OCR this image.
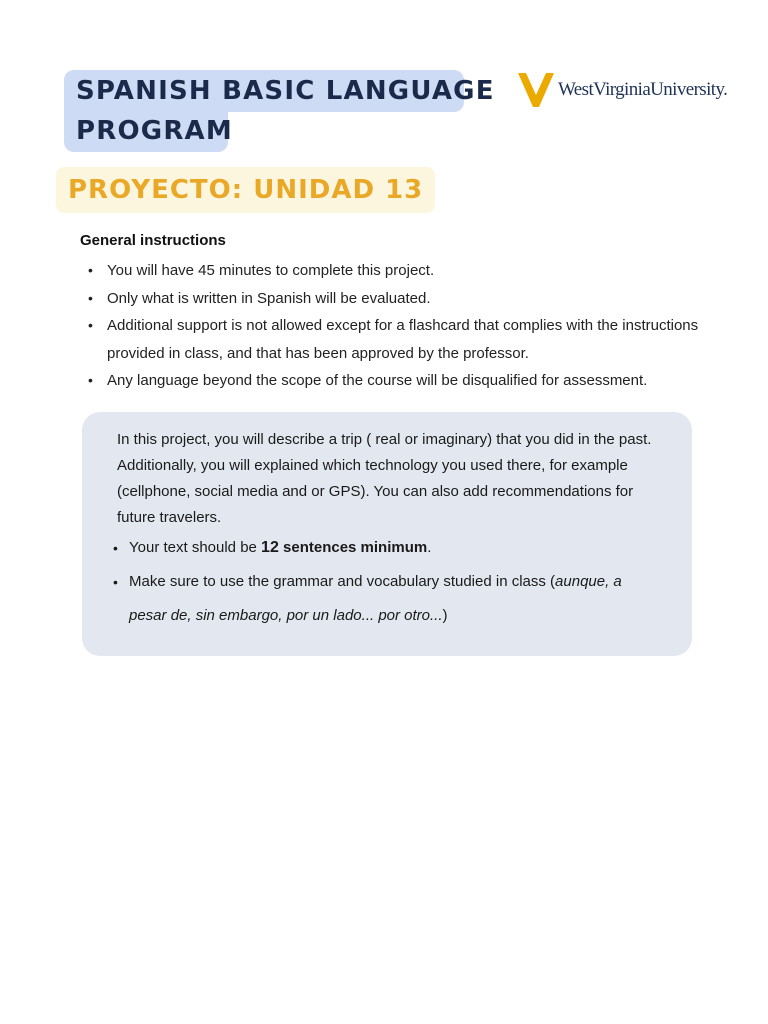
SPANISH BASIC LANGUAGE
PROGRAM
WestVirginiaUniversity.
PROYECTO: UNIDAD 13
General instructions
• You will have 45 minutes to complete this project.
• Only what is written in Spanish will be evaluated.
• Additional support is not allowed except for a flashcard that complies with the instructions provided in class, and that has been approved by the professor.
• Any language beyond the scope of the course will be disqualified for assessment.

In this project, you will describe a trip ( real or imaginary) that you did in the past. Additionally, you will explained which technology you used there, for example (cellphone, social media and or GPS). You can also add recommendations for future travelers.

• Your text should be 12 sentences minimum.
• Make sure to use the grammar and vocabulary studied in class (aunque, a pesar de, sin embargo, por un lado... por otro...)
